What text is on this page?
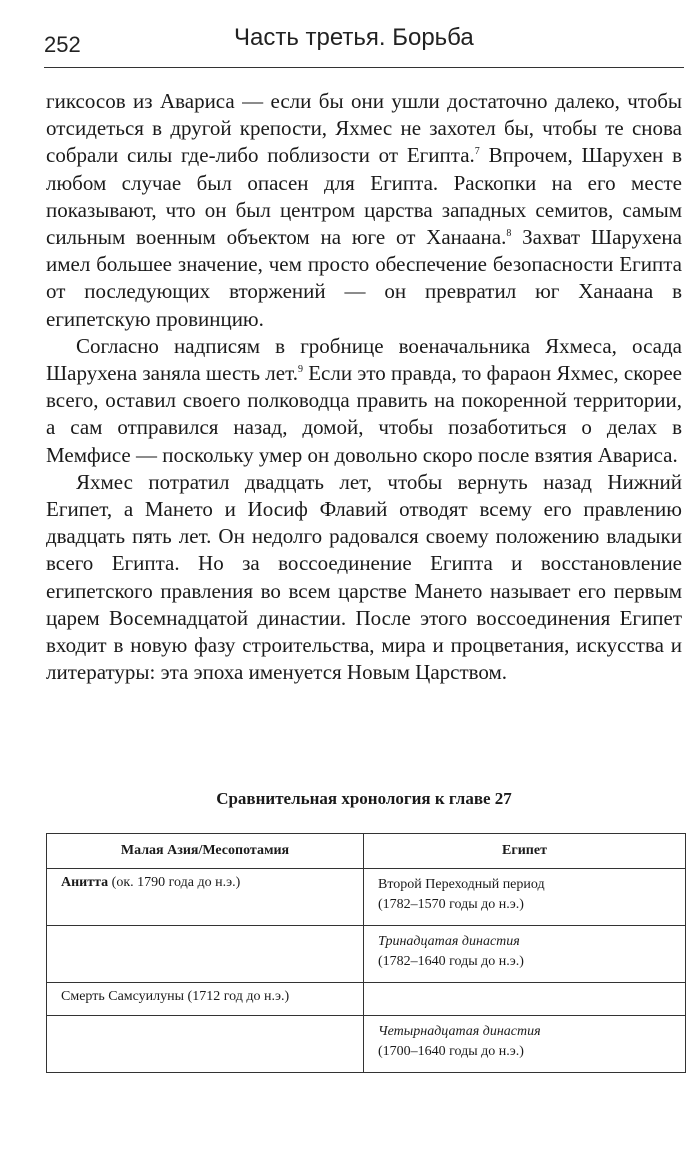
252	Часть третья. Борьба

гиксосов из Авариса — если бы они ушли достаточно далеко, чтобы отсидеться в другой крепости, Яхмес не захотел бы, чтобы те снова собрали силы где-либо поблизости от Египта.$^7$ Впрочем, Шарухен в любом случае был опасен для Египта. Раскопки на его месте показывают, что он был центром царства западных семитов, самым сильным военным объектом на юге от Ханаана.$^8$ Захват Шарухена имел большее значение, чем просто обеспечение безопасности Египта от последующих вторжений — он превратил юг Ханаана в египетскую провинцию.

Согласно надписям в гробнице военачальника Яхмеса, осада Шарухена заняла шесть лет.$^9$ Если это правда, то фараон Яхмес, скорее всего, оставил своего полководца править на покоренной территории, а сам отправился назад, домой, чтобы позаботиться о делах в Мемфисе — поскольку умер он довольно скоро после взятия Авариса.

Яхмес потратил двадцать лет, чтобы вернуть назад Нижний Египет, а Мането и Иосиф Флавий отводят всему его правлению двадцать пять лет. Он недолго радовался своему положению владыки всего Египта. Но за воссоединение Египта и восстановление египетского правления во всем царстве Мането называет его первым царем Восемнадцатой династии. После этого воссоединения Египет входит в новую фазу строительства, мира и процветания, искусства и литературы: эта эпоха именуется Новым Царством.

Сравнительная хронология к главе 27
Малая Азия/Месопотамия	Египет
Анитта (ок. 1790 года до н.э.)	Второй Переходный период
(1782–1570 годы до н.э.)

	Тринадцатая династия
(1782–1640 годы до н.э.)

Смерть Самсуилуны (1712 год до н.э.)	

	Четырнадцатая династия
(1700–1640 годы до н.э.)
